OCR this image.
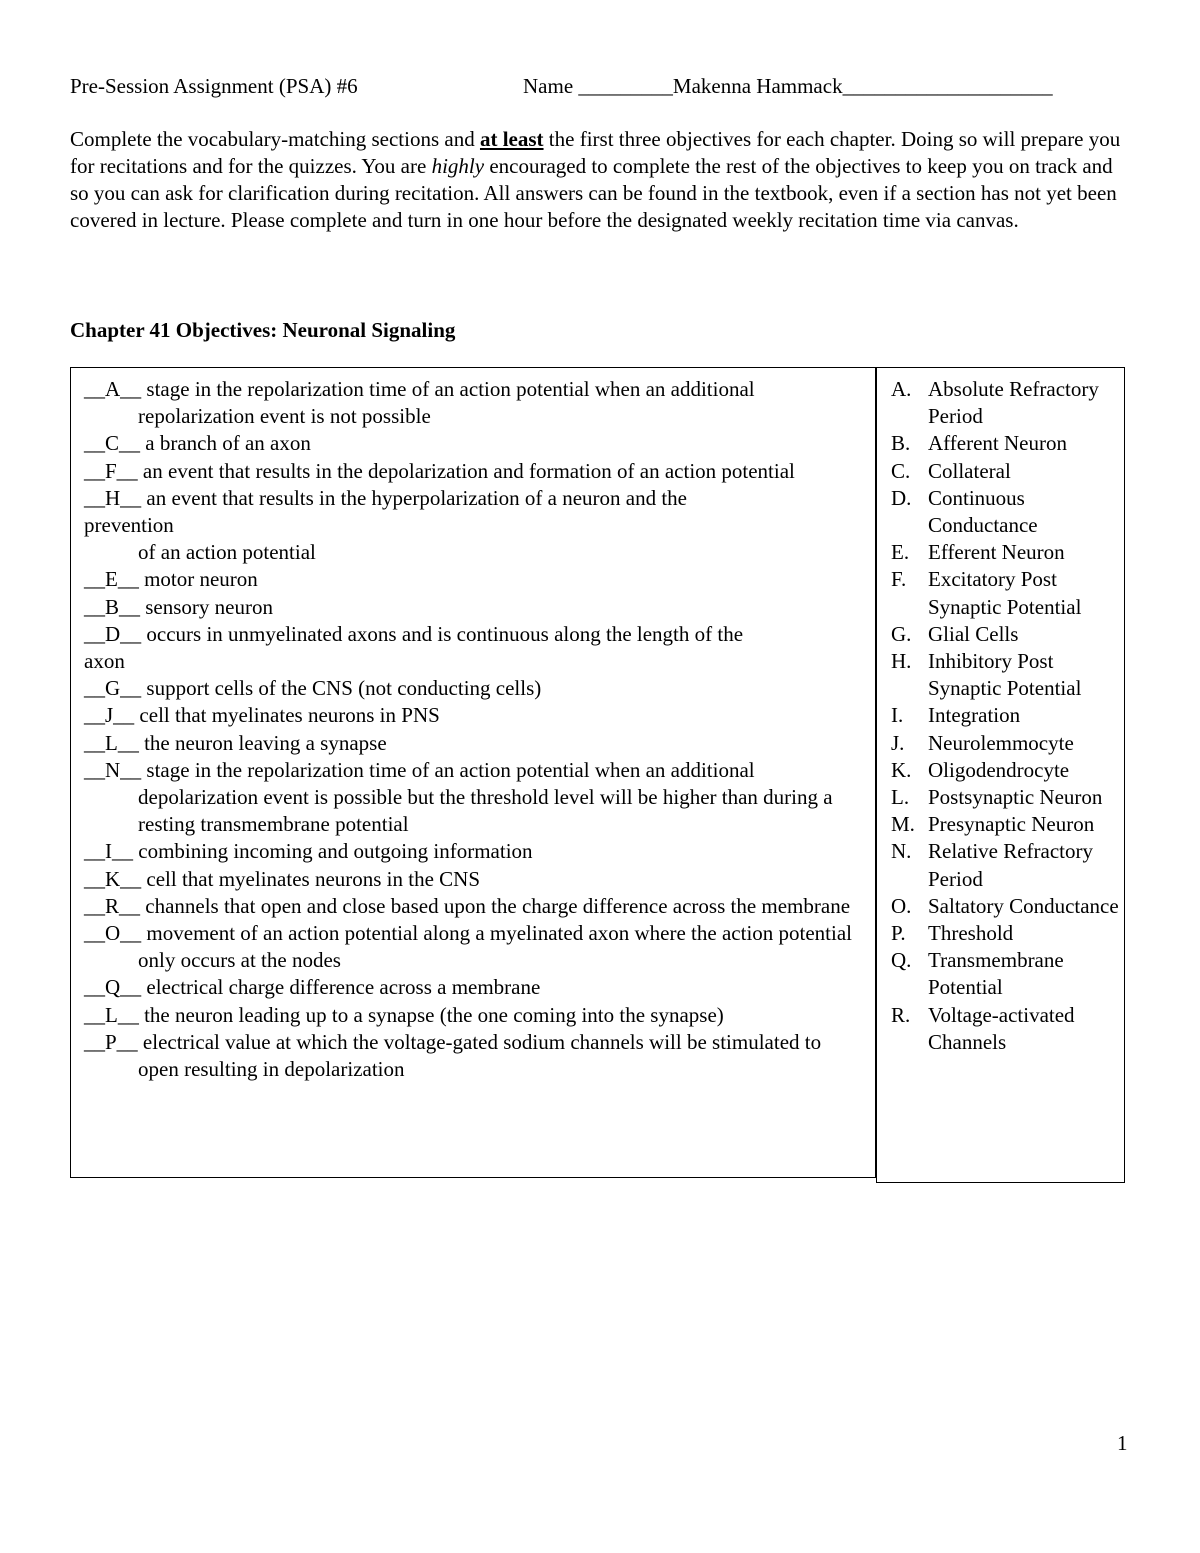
Pre-Session Assignment (PSA) #6	Name _________Makenna Hammack____________________
Complete the vocabulary-matching sections and at least the first three objectives for each chapter. Doing so will prepare you for recitations and for the quizzes. You are highly encouraged to complete the rest of the objectives to keep you on track and so you can ask for clarification during recitation. All answers can be found in the textbook, even if a section has not yet been covered in lecture. Please complete and turn in one hour before the designated weekly recitation time via canvas.
Chapter 41 Objectives: Neuronal Signaling
__A__ stage in the repolarization time of an action potential when an additional repolarization event is not possible
__C__ a branch of an axon
__F__ an event that results in the depolarization and formation of an action potential
__H__ an event that results in the hyperpolarization of a neuron and the
prevention
of an action potential
__E__ motor neuron
__B__ sensory neuron
__D__ occurs in unmyelinated axons and is continuous along the length of the
axon
__G__ support cells of the CNS (not conducting cells)
__J__ cell that myelinates neurons in PNS
__L__ the neuron leaving a synapse
__N__ stage in the repolarization time of an action potential when an additional depolarization event is possible but the threshold level will be higher than during a resting transmembrane potential
__I__ combining incoming and outgoing information
__K__ cell that myelinates neurons in the CNS
__R__ channels that open and close based upon the charge difference across the membrane
__O__ movement of an action potential along a myelinated axon where the action potential only occurs at the nodes
__Q__ electrical charge difference across a membrane
__L__ the neuron leading up to a synapse (the one coming into the synapse)
__P__ electrical value at which the voltage-gated sodium channels will be stimulated to open resulting in depolarization
A. Absolute Refractory Period
B. Afferent Neuron
C. Collateral
D. Continuous Conductance
E. Efferent Neuron
F.	Excitatory Post Synaptic Potential
G. Glial Cells
H. Inhibitory Post Synaptic Potential
I.	Integration
J.	Neurolemmocyte
K. Oligodendrocyte
L. Postsynaptic Neuron
M. Presynaptic Neuron
N. Relative Refractory Period
O. Saltatory Conductance
P.	Threshold
Q. Transmembrane Potential
R. Voltage-activated Channels
1
